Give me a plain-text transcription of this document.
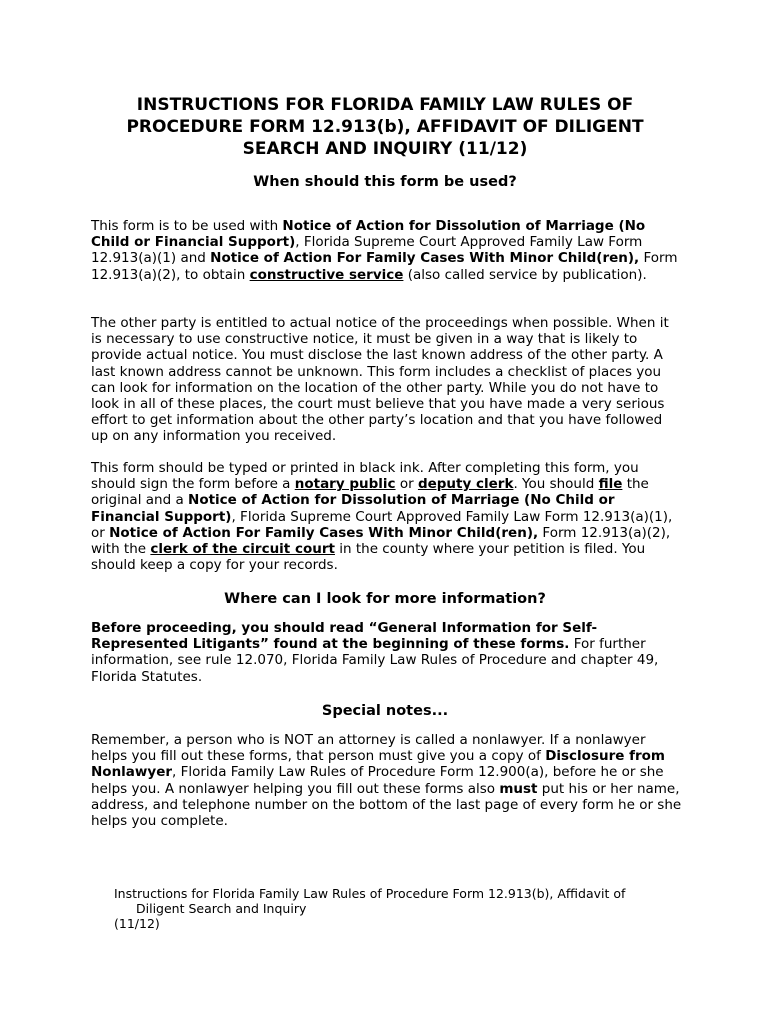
INSTRUCTIONS FOR FLORIDA FAMILY LAW RULES OF PROCEDURE FORM 12.913(b), AFFIDAVIT OF DILIGENT SEARCH AND INQUIRY (11/12)
When should this form be used?

This form is to be used with Notice of Action for Dissolution of Marriage (No Child or Financial Support), Florida Supreme Court Approved Family Law Form 12.913(a)(1) and Notice of Action For Family Cases With Minor Child(ren), Form 12.913(a)(2), to obtain constructive service (also called service by publication).

The other party is entitled to actual notice of the proceedings when possible. When it is necessary to use constructive notice, it must be given in a way that is likely to provide actual notice. You must disclose the last known address of the other party. A last known address cannot be unknown. This form includes a checklist of places you can look for information on the location of the other party. While you do not have to look in all of these places, the court must believe that you have made a very serious effort to get information about the other party’s location and that you have followed up on any information you received.

This form should be typed or printed in black ink. After completing this form, you should sign the form before a notary public or deputy clerk. You should file the original and a Notice of Action for Dissolution of Marriage (No Child or Financial Support), Florida Supreme Court Approved Family Law Form 12.913(a)(1), or Notice of Action For Family Cases With Minor Child(ren), Form 12.913(a)(2), with the clerk of the circuit court in the county where your petition is filed. You should keep a copy for your records.

Where can I look for more information?

Before proceeding, you should read “General Information for Self-Represented Litigants” found at the beginning of these forms. For further information, see rule 12.070, Florida Family Law Rules of Procedure and chapter 49, Florida Statutes.

Special notes...

Remember, a person who is NOT an attorney is called a nonlawyer. If a nonlawyer helps you fill out these forms, that person must give you a copy of Disclosure from Nonlawyer, Florida Family Law Rules of Procedure Form 12.900(a), before he or she helps you. A nonlawyer helping you fill out these forms also must put his or her name, address, and telephone number on the bottom of the last page of every form he or she helps you complete.

Instructions for Florida Family Law Rules of Procedure Form 12.913(b), Affidavit of
Diligent Search and Inquiry
(11/12)
